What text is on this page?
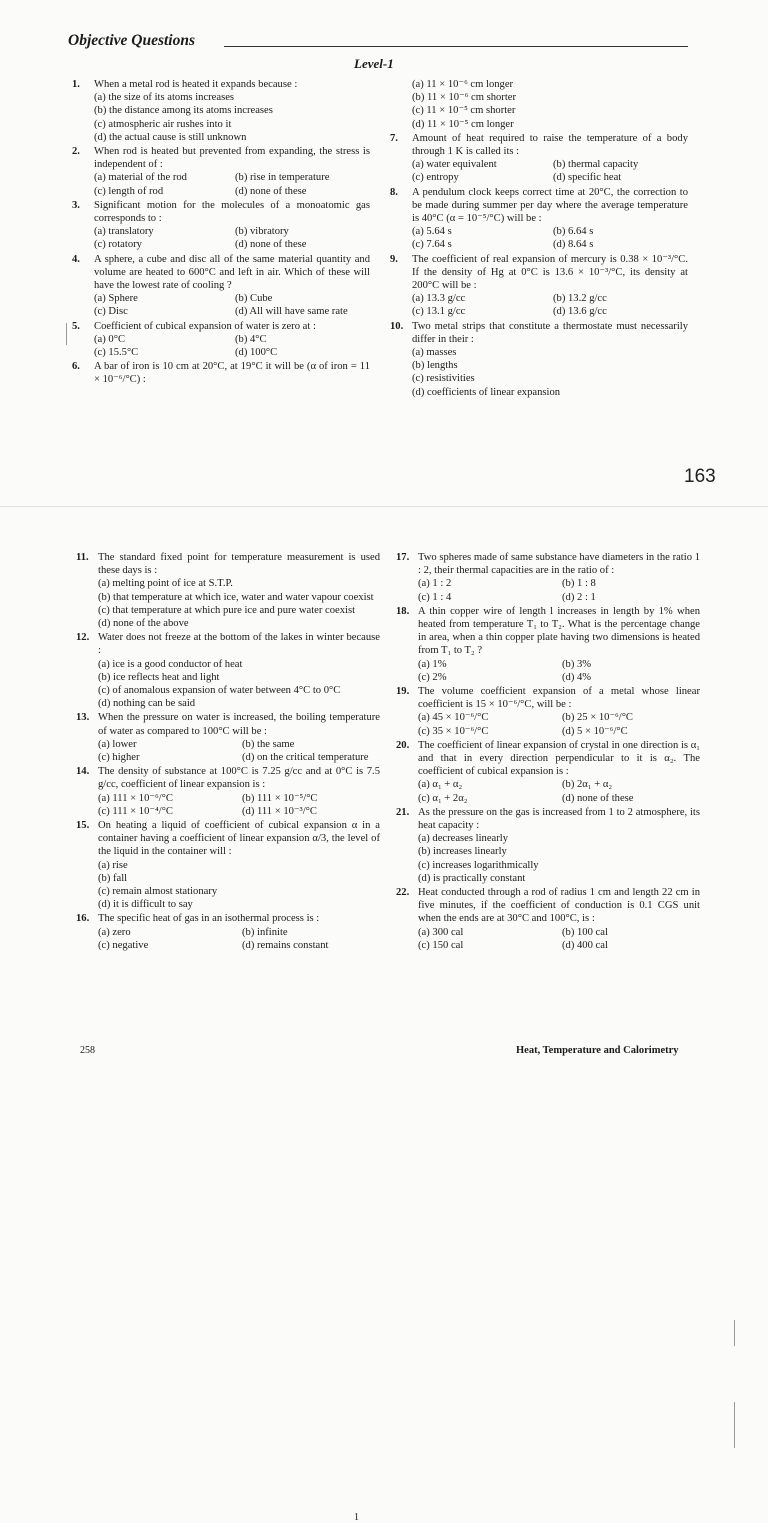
Objective Questions
Level-1
1. When a metal rod is heated it expands because :
(a) the size of its atoms increases
(b) the distance among its atoms increases
(c) atmospheric air rushes into it
(d) the actual cause is still unknown
2. When rod is heated but prevented from expanding, the stress is independent of :
(a) material of the rod	(b) rise in temperature
(c) length of rod	(d) none of these
3. Significant motion for the molecules of a monoatomic gas corresponds to :
(a) translatory	(b) vibratory
(c) rotatory	(d) none of these
4. A sphere, a cube and disc all of the same material quantity and volume are heated to 600°C and left in air. Which of these will have the lowest rate of cooling ?
(a) Sphere	(b) Cube
(c) Disc	(d) All will have same rate
5. Coefficient of cubical expansion of water is zero at :
(a) 0°C	(b) 4°C
(c) 15.5°C	(d) 100°C
6. A bar of iron is 10 cm at 20°C, at 19°C it will be (α of iron = 11 × 10⁻⁶/°C) :
(a) 11 × 10⁻⁶ cm longer
(b) 11 × 10⁻⁶ cm shorter
(c) 11 × 10⁻⁵ cm shorter
(d) 11 × 10⁻⁵ cm longer
7. Amount of heat required to raise the temperature of a body through 1 K is called its :
(a) water equivalent	(b) thermal capacity
(c) entropy	(d) specific heat
8. A pendulum clock keeps correct time at 20°C, the correction to be made during summer per day where the average temperature is 40°C (α = 10⁻⁵/°C) will be :
(a) 5.64 s	(b) 6.64 s
(c) 7.64 s	(d) 8.64 s
9. The coefficient of real expansion of mercury is 0.38 × 10⁻³/°C. If the density of Hg at 0°C is 13.6 × 10⁻³/°C, its density at 200°C will be :
(a) 13.3 g/cc	(b) 13.2 g/cc
(c) 13.1 g/cc	(d) 13.6 g/cc
10. Two metal strips that constitute a thermostate must necessarily differ in their :
(a) masses
(b) lengths
(c) resistivities
(d) coefficients of linear expansion
163
258	Heat, Temperature and Calorimetry
1
11. The standard fixed point for temperature measurement is used these days is :
(a) melting point of ice at S.T.P.
(b) that temperature at which ice, water and water vapour coexist
(c) that temperature at which pure ice and pure water coexist
(d) none of the above
12. Water does not freeze at the bottom of the lakes in winter because :
(a) ice is a good conductor of heat
(b) ice reflects heat and light
(c) of anomalous expansion of water between 4°C to 0°C
(d) nothing can be said
13. When the pressure on water is increased, the boiling temperature of water as compared to 100°C will be :
(a) lower	(b) the same
(c) higher	(d) on the critical temperature
14. The density of substance at 100°C is 7.25 g/cc and at 0°C is 7.5 g/cc, coefficient of linear expansion is :
(a) 111 × 10⁻⁶/°C	(b) 111 × 10⁻⁵/°C
(c) 111 × 10⁻⁴/°C	(d) 111 × 10⁻³/°C
15. On heating a liquid of coefficient of cubical expansion α in a container having a coefficient of linear expansion α/3, the level of the liquid in the container will :
(a) rise
(b) fall
(c) remain almost stationary
(d) it is difficult to say
16. The specific heat of gas in an isothermal process is :
(a) zero	(b) infinite
(c) negative	(d) remains constant
17. Two spheres made of same substance have diameters in the ratio 1 : 2, their thermal capacities are in the ratio of :
(a) 1 : 2	(b) 1 : 8
(c) 1 : 4	(d) 2 : 1
18. A thin copper wire of length l increases in length by 1% when heated from temperature T₁ to T₂. What is the percentage change in area, when a thin copper plate having two dimensions is heated from T₁ to T₂ ?
(a) 1%	(b) 3%
(c) 2%	(d) 4%
19. The volume coefficient expansion of a metal whose linear coefficient is 15 × 10⁻⁶/°C, will be :
(a) 45 × 10⁻⁶/°C	(b) 25 × 10⁻⁶/°C
(c) 35 × 10⁻⁶/°C	(d) 5 × 10⁻⁶/°C
20. The coefficient of linear expansion of crystal in one direction is α₁ and that in every direction perpendicular to it is α₂. The coefficient of cubical expansion is :
(a) α₁ + α₂	(b) 2α₁ + α₂
(c) α₁ + 2α₂	(d) none of these
21. As the pressure on the gas is increased from 1 to 2 atmosphere, its heat capacity :
(a) decreases linearly
(b) increases linearly
(c) increases logarithmically
(d) is practically constant
22. Heat conducted through a rod of radius 1 cm and length 22 cm in five minutes, if the coefficient of conduction is 0.1 CGS unit when the ends are at 30°C and 100°C, is :
(a) 300 cal	(b) 100 cal
(c) 150 cal	(d) 400 cal
